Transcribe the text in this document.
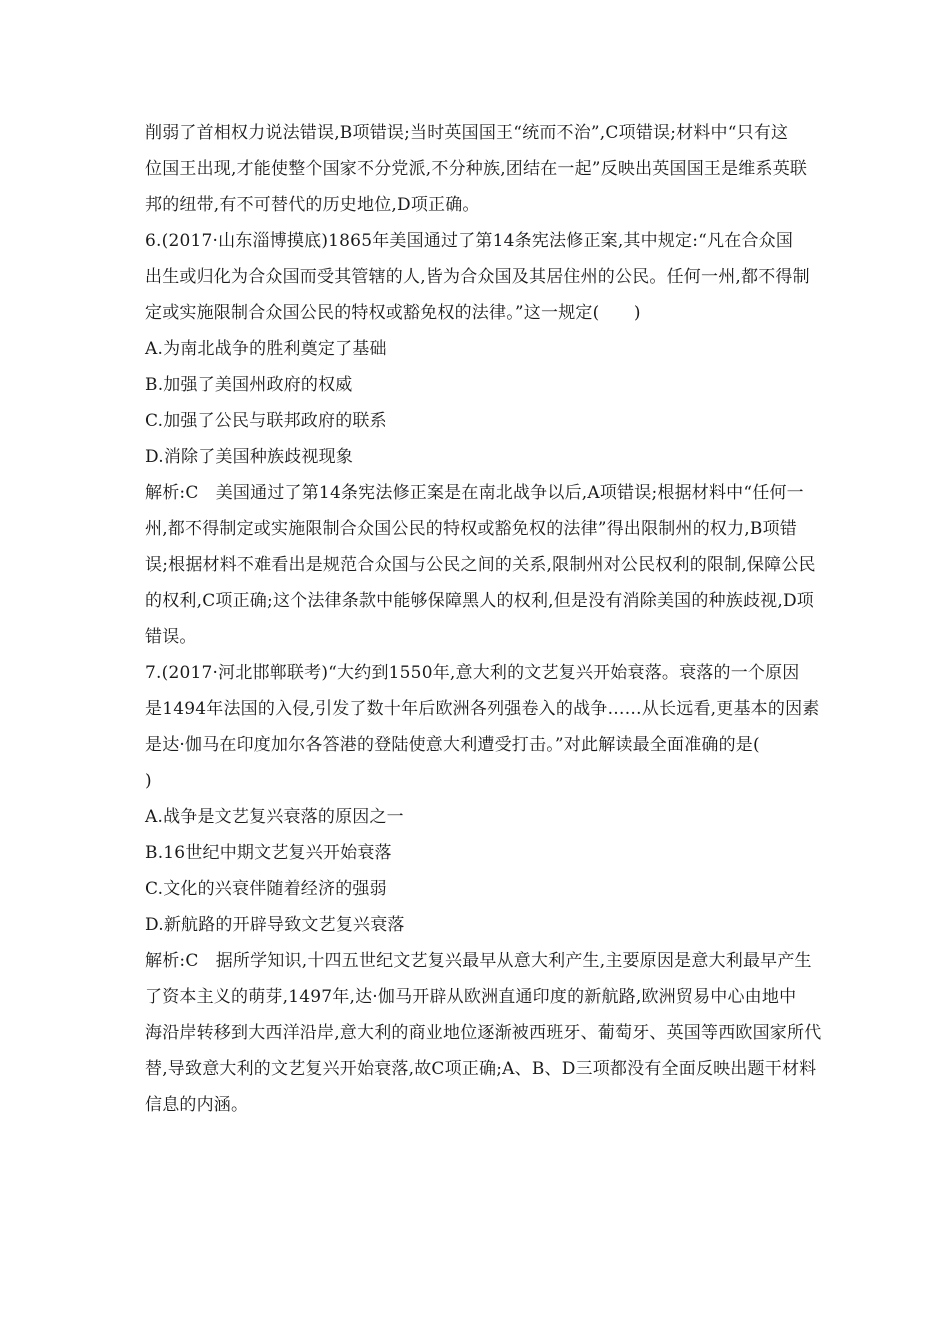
削弱了首相权力说法错误,B项错误;当时英国国王“统而不治”,C项错误;材料中“只有这
位国王出现,才能使整个国家不分党派,不分种族,团结在一起”反映出英国国王是维系英联
邦的纽带,有不可替代的历史地位,D项正确。
6.(2017·山东淄博摸底)1865年美国通过了第14条宪法修正案,其中规定:“凡在合众国
出生或归化为合众国而受其管辖的人,皆为合众国及其居住州的公民。任何一州,都不得制
定或实施限制合众国公民的特权或豁免权的法律。”这一规定(　　)
A.为南北战争的胜利奠定了基础
B.加强了美国州政府的权威
C.加强了公民与联邦政府的联系
D.消除了美国种族歧视现象
解析:C　美国通过了第14条宪法修正案是在南北战争以后,A项错误;根据材料中“任何一
州,都不得制定或实施限制合众国公民的特权或豁免权的法律”得出限制州的权力,B项错
误;根据材料不难看出是规范合众国与公民之间的关系,限制州对公民权利的限制,保障公民
的权利,C项正确;这个法律条款中能够保障黑人的权利,但是没有消除美国的种族歧视,D项
错误。
7.(2017·河北邯郸联考)“大约到1550年,意大利的文艺复兴开始衰落。衰落的一个原因
是1494年法国的入侵,引发了数十年后欧洲各列强卷入的战争……从长远看,更基本的因素
是达·伽马在印度加尔各答港的登陆使意大利遭受打击。”对此解读最全面准确的是(
)
A.战争是文艺复兴衰落的原因之一
B.16世纪中期文艺复兴开始衰落
C.文化的兴衰伴随着经济的强弱
D.新航路的开辟导致文艺复兴衰落
解析:C　据所学知识,十四五世纪文艺复兴最早从意大利产生,主要原因是意大利最早产生
了资本主义的萌芽,1497年,达·伽马开辟从欧洲直通印度的新航路,欧洲贸易中心由地中
海沿岸转移到大西洋沿岸,意大利的商业地位逐渐被西班牙、葡萄牙、英国等西欧国家所代
替,导致意大利的文艺复兴开始衰落,故C项正确;A、B、D三项都没有全面反映出题干材料
信息的内涵。
